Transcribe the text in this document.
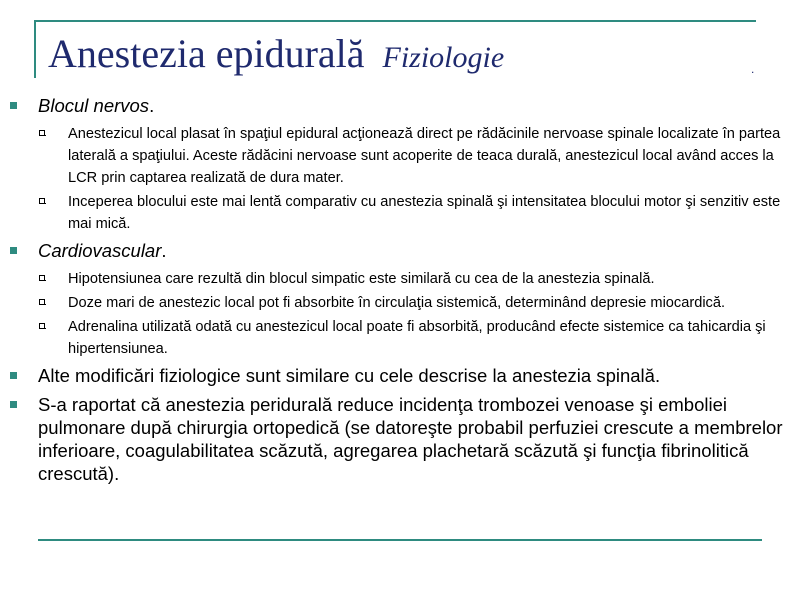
Anestezia epidurală Fiziologie	.
Blocul nervos.
Anestezicul local plasat în spaţiul epidural acţionează direct pe rădăcinile nervoase spinale localizate în partea laterală a spaţiului. Aceste rădăcini nervoase sunt acoperite de teaca durală, anestezicul local având acces la LCR prin captarea realizată de dura mater.
Inceperea blocului este mai lentă comparativ cu anestezia spinală şi intensitatea blocului motor şi senzitiv este mai mică.
Cardiovascular.
Hipotensiunea care rezultă din blocul simpatic este similară cu cea de la anestezia spinală.
Doze mari de anestezic local pot fi absorbite în circulaţia sistemică, determinând depresie miocardică.
Adrenalina utilizată odată cu anestezicul local poate fi absorbită, producând efecte sistemice ca tahicardia şi hipertensiunea.
Alte modificări fiziologice sunt similare cu cele descrise la anestezia spinală.
S-a raportat că anestezia peridurală reduce incidenţa trombozei venoase şi emboliei pulmonare după chirurgia ortopedică (se datoreşte probabil perfuziei crescute a membrelor inferioare, coagulabilitatea scăzută, agregarea plachetară scăzută şi funcţia fibrinolitică crescută).
